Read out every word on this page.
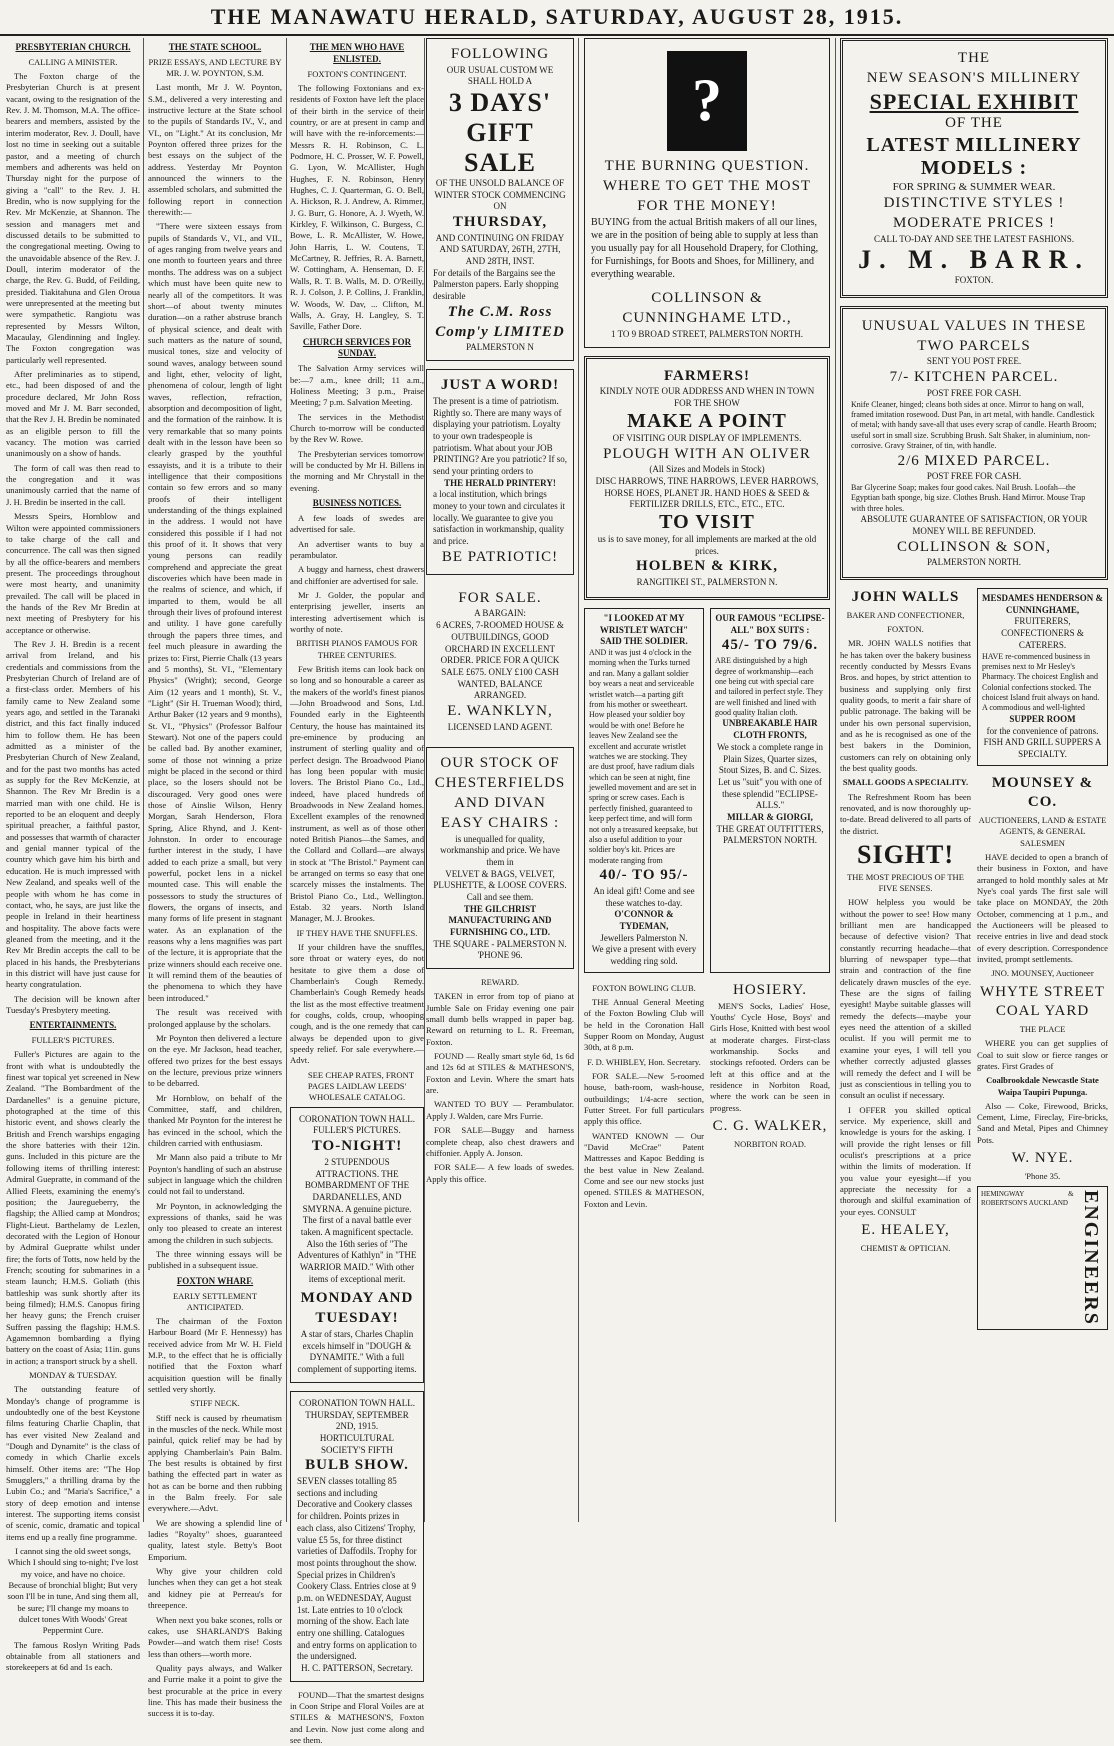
THE MANAWATU HERALD, SATURDAY, AUGUST 28, 1915.
PRESBYTERIAN CHURCH.
CALLING A MINISTER.

The Foxton charge of the Presbyterian Church is at present vacant, owing to the resignation of the Rev. J. M. Thomson, M.A. The office-bearers and members, assisted by the interim moderator, Rev. J. Doull, have lost no time in seeking out a suitable pastor, and a meeting of church members and adherents was held on Thursday night for the purpose of giving a "call" to the Rev. J. H. Bredin, who is now supplying for the Rev. Mr McKenzie, at Shannon. The session and managers met and discussed details to be submitted to the congregational meeting. Owing to the unavoidable absence of the Rev. J. Doull, interim moderator of the charge, the Rev. G. Budd, of Feilding, presided. Tiakitahuna and Glen Oroua were unrepresented at the meeting but were sympathetic. Rangiotu was represented by Messrs Wilton, Macaulay, Glendinning and Ingley. The Foxton congregation was particularly well represented.

After preliminaries as to stipend, etc., had been disposed of and the procedure declared, Mr John Ross moved and Mr J. M. Barr seconded, that the Rev J. H. Bredin be nominated as an eligible person to fill the vacancy. The motion was carried unanimously on a show of hands.

The form of call was then read to the congregation and it was unanimously carried that the name of J. H. Bredin be inserted in the call.

Messrs Speirs, Hornblow and Wilton were appointed commissioners to take charge of the call and concurrence. The call was then signed by all the office-bearers and members present. The proceedings throughout were most hearty, and unanimity prevailed. The call will be placed in the hands of the Rev Mr Bredin at next meeting of Presbytery for his acceptance or otherwise.

The Rev J. H. Bredin is a recent arrival from Ireland, and his credentials and commissions from the Presbyterian Church of Ireland are of a first-class order. Members of his family came to New Zealand some years ago, and settled in the Taranaki district, and this fact finally induced him to follow them. He has been admitted as a minister of the Presbyterian Church of New Zealand, and for the past two months has acted as supply for the Rev McKenzie, at Shannon. The Rev Mr Bredin is a married man with one child. He is reported to be an eloquent and deeply spiritual preacher, a faithful pastor, and possesses that warmth of character and genial manner typical of the country which gave him his birth and education. He is much impressed with New Zealand, and speaks well of the people with whom he has come in contact, who, he says, are just like the people in Ireland in their heartiness and hospitality. The above facts were gleaned from the meeting, and it the Rev Mr Bredin accepts the call to be placed in his hands, the Presbyterians in this district will have just cause for hearty congratulation.

The decision will be known after Tuesday's Presbytery meeting.

ENTERTAINMENTS.
FULLER'S PICTURES.

Fuller's Pictures are again to the front with what is undoubtedly the finest war topical yet screened in New Zealand. "The Bombardment of the Dardanelles" is a genuine picture, photographed at the time of this historic event, and shows clearly the British and French warships engaging the shore batteries with their 12in. guns. Included in this picture are the following items of thrilling interest: Admiral Guepratte, in command of the Allied Fleets, examining the enemy's position; the Jauregueberry, the flagship; the Allied camp at Mondros; Flight-Lieut. Barthelamy de Lezlen, decorated with the Legion of Honour by Admiral Guepratte whilst under fire; the forts of Totts, now held by the French; scouting for submarines in a steam launch; H.M.S. Goliath (this battleship was sunk shortly after its being filmed); H.M.S. Canopus firing her heavy guns; the French cruiser Suffren passing the flagship; H.M.S. Agamemnon bombarding a flying battery on the coast of Asia; 11in. guns in action; a transport struck by a shell.

MONDAY & TUESDAY.

The outstanding feature of Monday's change of programme is undoubtedly one of the best Keystone films featuring Charlie Chaplin, that has ever visited New Zealand and "Dough and Dynamite" is the class of comedy in which Charlie excels himself. Other items are: "The Hop Smugglers," a thrilling drama by the Lubin Co.; and "Maria's Sacrifice," a story of deep emotion and intense interest. The supporting items consist of scenic, comic, dramatic and topical items end up a really fine programme.

I cannot sing the old sweet songs, Which I should sing to-night; I've lost my voice, and have no choice. Because of bronchial blight; But very soon I'll be in tune, And sing them all, be sure; I'll change my moans to dulcet tones With Woods' Great Peppermint Cure.

The famous Roslyn Writing Pads obtainable from all stationers and storekeepers at 6d and 1s each.

THE STATE SCHOOL.
PRIZE ESSAYS, AND LECTURE BY MR. J. W. POYNTON, S.M.

Last month, Mr J. W. Poynton, S.M., delivered a very interesting and instructive lecture at the State school to the pupils of Standards IV., V., and VI., on "Light." At its conclusion, Mr Poynton offered three prizes for the best essays on the subject of the address. Yesterday Mr Poynton announced the winners to the assembled scholars, and submitted the following report in connection therewith:—

"There were sixteen essays from pupils of Standards V., VI., and VII., of ages ranging from twelve years and one month to fourteen years and three months. The address was on a subject which must have been quite new to nearly all of the competitors. It was short—of about twenty minutes duration—on a rather abstruse branch of physical science, and dealt with such matters as the nature of sound, musical tones, size and velocity of sound waves, analogy between sound and light, ether, velocity of light, phenomena of colour, length of light waves, reflection, refraction, absorption and decomposition of light, and the formation of the rainbow. It is very remarkable that so many points dealt with in the lesson have been so clearly grasped by the youthful essayists, and it is a tribute to their intelligence that their compositions contain so few errors and so many proofs of their intelligent understanding of the things explained in the address. I would not have considered this possible if I had not this proof of it. It shows that very young persons can readily comprehend and appreciate the great discoveries which have been made in the realms of science, and which, if imparted to them, would be all through their lives of profound interest and utility. I have gone carefully through the papers three times, and feel much pleasure in awarding the prizes to: First, Pierrie Chalk (13 years and 5 months), St. VI., "Elementary Physics" (Wright); second, George Aim (12 years and 1 month), St. V., "Light" (Sir H. Trueman Wood); third, Arthur Baker (12 years and 9 months), St. VI., "Physics" (Professor Balfour Stewart). Not one of the papers could be called bad. By another examiner, some of those not winning a prize might be placed in the second or third place, so the losers should not be discouraged. Very good ones were those of Ainslie Wilson, Henry Morgan, Sarah Henderson, Flora Spring, Alice Rhynd, and J. Kent-Johnston. In order to encourage further interest in the study, I have added to each prize a small, but very powerful, pocket lens in a nickel mounted case. This will enable the possessors to study the structures of flowers, the organs of insects, and many forms of life present in stagnant water. As an explanation of the reasons why a lens magnifies was part of the lecture, it is appropriate that the prize winners should each receive one. It will remind them of the beauties of the phenomena to which they have been introduced."

The result was received with prolonged applause by the scholars.

Mr Poynton then delivered a lecture on the eye. Mr Jackson, head teacher, offered two prizes for the best essays on the lecture, previous prize winners to be debarred.

Mr Hornblow, on behalf of the Committee, staff, and children, thanked Mr Poynton for the interest he has evinced in the school, which the children carried with enthusiasm.

Mr Mann also paid a tribute to Mr Poynton's handling of such an abstruse subject in language which the children could not fail to understand.

Mr Poynton, in acknowledging the expressions of thanks, said he was only too pleased to create an interest among the children in such subjects.

The three winning essays will be published in a subsequent issue.

FOXTON WHARF.
EARLY SETTLEMENT ANTICIPATED.

The chairman of the Foxton Harbour Board (Mr F. Hennessy) has received advice from Mr W. H. Field M.P., to the effect that he is officially notified that the Foxton wharf acquisition question will be finally settled very shortly.

STIFF NECK.

Stiff neck is caused by rheumatism in the muscles of the neck. While most painful, quick relief may be had by applying Chamberlain's Pain Balm. The best results is obtained by first bathing the effected part in water as hot as can be borne and then rubbing in the Balm freely. For sale everywhere.—Advt.

We are showing a splendid line of ladies "Royalty" shoes, guaranteed quality, latest style. Betty's Boot Emporium.

Why give your children cold lunches when they can get a hot steak and kidney pie at Perreau's for threepence.

When next you bake scones, rolls or cakes, use SHARLAND'S Baking Powder—and watch them rise! Costs less than others—worth more.

Quality pays always, and Walker and Furrie make it a point to give the best procurable at the price in every line. This has made their business the success it is to-day.

THE MEN WHO HAVE ENLISTED.
FOXTON'S CONTINGENT.

The following Foxtonians and ex-residents of Foxton have left the place of their birth in the service of their country, or are at present in camp and will have with the re-inforcements:—Messrs R. H. Robinson, C. L. Podmore, H. C. Prosser, W. F. Powell, G. Lyon, W. McAllister, Hugh Hughes, F. N. Robinson, Henry Hughes, C. J. Quarterman, G. O. Bell, A. Hickson, R. J. Andrew, A. Rimmer, J. G. Burr, G. Honore, A. J. Wyeth, W. Kirkley, F. Wilkinson, C. Burgess, C. Bowe, L. R. McAllister, W. Howe, John Harris, L. W. Coutens, T. McCartney, R. Jeffries, R. A. Barnett, W. Cottingham, A. Henseman, D. F. Walls, R. T. B. Walls, M. D. O'Reilly, R. J. Colson, J. P. Collins, J. Franklin, W. Woods, W. Dav, ... Clifton, M. Walls, A. Gray, H. Langley, S. T. Saville, Father Dore.

CHURCH SERVICES FOR SUNDAY.

The Salvation Army services will be:—7 a.m., knee drill; 11 a.m., Holiness Meeting; 3 p.m., Praise Meeting; 7 p.m. Salvation Meeting.

The services in the Methodist Church to-morrow will be conducted by the Rev W. Rowe.

The Presbyterian services tomorrow will be conducted by Mr H. Billens in the morning and Mr Chrystall in the evening.

BUSINESS NOTICES.

A few loads of swedes are advertised for sale.

An advertiser wants to buy a perambulator.

A buggy and harness, chest drawers and chiffonier are advertised for sale.

Mr J. Golder, the popular and enterprising jeweller, inserts an interesting advertisement which is worthy of note.

BRITISH PIANOS FAMOUS FOR THREE CENTURIES.

Few British items can look back on so long and so honourable a career as the makers of the world's finest pianos—John Broadwood and Sons, Ltd. Founded early in the Eighteenth Century, the house has maintained its pre-eminence by producing an instrument of sterling quality and of perfect design. The Broadwood Piano has long been popular with music lovers. The Bristol Piano Co., Ltd., indeed, have placed hundreds of Broadwoods in New Zealand homes. Excellent examples of the renowned instrument, as well as of those other noted British Pianos—the Sames, and the Collard and Collard—are always in stock at "The Bristol." Payment can be arranged on terms so easy that one scarcely misses the instalments. The Bristol Piano Co., Ltd., Wellington. Estab. 32 years. North Island Manager, M. J. Brookes.

IF THEY HAVE THE SNUFFLES.

If your children have the snuffles, sore throat or watery eyes, do not hesitate to give them a dose of Chamberlain's Cough Remedy. Chamberlain's Cough Remedy heads the list as the most effective treatment for coughs, colds, croup, whooping cough, and is the one remedy that can always be depended upon to give speedy relief. For sale everywhere.—Advt.

SEE CHEAP RATES, FRONT PAGES LAIDLAW LEEDS' WHOLESALE CATALOG.

CORONATION TOWN HALL.
FULLER'S PICTURES.
TO-NIGHT!
2 STUPENDOUS ATTRACTIONS. THE BOMBARDMENT OF THE DARDANELLES, AND SMYRNA. A genuine picture. The first of a naval battle ever taken. A magnificent spectacle. Also the 16th series of "The Adventures of Kathlyn" in "THE WARRIOR MAID." With other items of exceptional merit.
MONDAY AND TUESDAY!
A star of stars, Charles Chaplin excels himself in "DOUGH & DYNAMITE." With a full complement of supporting items.
CORONATION TOWN HALL.
THURSDAY, SEPTEMBER 2ND, 1915.
HORTICULTURAL SOCIETY'S FIFTH
BULB SHOW.
SEVEN classes totalling 85 sections and including Decorative and Cookery classes for children. Points prizes in each class, also Citizens' Trophy, value £5 5s, for three distinct varieties of Daffodils. Trophy for most points throughout the show. Special prizes in Children's Cookery Class. Entries close at 9 p.m. on WEDNESDAY, August 1st. Late entries to 10 o'clock morning of the show. Each late entry one shilling. Catalogues and entry forms on application to the undersigned.
H. C. PATTERSON, Secretary.

FOUND—That the smartest designs in Coon Stripe and Floral Voiles are at STILES & MATHESON'S, Foxton and Levin. Now just come along and see them.

FOLLOWING
OUR USUAL CUSTOM WE SHALL HOLD A
3 DAYS' GIFT SALE
OF THE UNSOLD BALANCE OF WINTER STOCK COMMENCING ON
THURSDAY,
AND CONTINUING ON FRIDAY AND SATURDAY, 26TH, 27TH, AND 28TH, INST.
For details of the Bargains see the Palmerston papers. Early shopping desirable
The C.M. Ross Comp'y LIMITED
PALMERSTON N
JUST A WORD!
The present is a time of patriotism. Rightly so. There are many ways of displaying your patriotism. Loyalty to your own tradespeople is patriotism. What about your JOB PRINTING? Are you patriotic? If so, send your printing orders to
THE HERALD PRINTERY!
a local institution, which brings money to your town and circulates it locally. We guarantee to give you satisfaction in workmanship, quality and price.
BE PATRIOTIC!
FOR SALE.
A BARGAIN:
6 ACRES, 7-ROOMED HOUSE & OUTBUILDINGS, GOOD ORCHARD IN EXCELLENT ORDER. PRICE FOR A QUICK SALE £675. ONLY £100 CASH WANTED, BALANCE ARRANGED.
E. WANKLYN,
LICENSED LAND AGENT.
OUR STOCK OF CHESTERFIELDS AND DIVAN EASY CHAIRS :
is unequalled for quality, workmanship and price. We have them in
VELVET & BAGS, VELVET, PLUSHETTE, & LOOSE COVERS.
Call and see them.
THE GILCHRIST MANUFACTURING AND FURNISHING CO., LTD.
THE SQUARE - PALMERSTON N. 'PHONE 96.
REWARD.

TAKEN in error from top of piano at Jumble Sale on Friday evening one pair small dumb bells wrapped in paper bag. Reward on returning to L. R. Freeman, Foxton.

FOUND — Really smart style 6d, 1s 6d and 12s 6d at STILES & MATHESON'S, Foxton and Levin. Where the smart hats are.

WANTED TO BUY — Perambulator. Apply J. Walden, care Mrs Furrie.

FOR SALE—Buggy and harness complete cheap, also chest drawers and chiffonier. Apply A. Jonson.

FOR SALE— A few loads of swedes. Apply this office.

?
THE BURNING QUESTION. WHERE TO GET THE MOST FOR THE MONEY!
BUYING from the actual British makers of all our lines, we are in the position of being able to supply at less than you usually pay for all Household Drapery, for Clothing, for Furnishings, for Boots and Shoes, for Millinery, and everything wearable.
COLLINSON & CUNNINGHAME LTD.,
1 TO 9 BROAD STREET, PALMERSTON NORTH.
FARMERS!
KINDLY NOTE OUR ADDRESS AND WHEN IN TOWN FOR THE SHOW
MAKE A POINT
OF VISITING OUR DISPLAY OF IMPLEMENTS.
PLOUGH WITH AN OLIVER
(All Sizes and Models in Stock)
DISC HARROWS, TINE HARROWS, LEVER HARROWS, HORSE HOES, PLANET JR. HAND HOES & SEED & FERTILIZER DRILLS, ETC., ETC., ETC.
TO VISIT
us is to save money, for all implements are marked at the old prices.
HOLBEN & KIRK,
RANGITIKEI ST., PALMERSTON N.
"I LOOKED AT MY WRISTLET WATCH" SAID THE SOLDIER.
AND it was just 4 o'clock in the morning when the Turks turned and ran. Many a gallant soldier boy wears a neat and serviceable wristlet watch—a parting gift from his mother or sweetheart. How pleased your soldier boy would be with one! Before he leaves New Zealand see the excellent and accurate wristlet watches we are stocking. They are dust proof, have radium dials which can be seen at night, fine jewelled movement and are set in spring or screw cases. Each is perfectly finished, guaranteed to keep perfect time, and will form not only a treasured keepsake, but also a useful addition to your soldier boy's kit. Prices are moderate ranging from
40/- TO 95/-
An ideal gift! Come and see these watches to-day.
O'CONNOR & TYDEMAN,
Jewellers Palmerston N.
We give a present with every wedding ring sold.
OUR FAMOUS "ECLIPSE-ALL" BOX SUITS :
45/- TO 79/6.
ARE distinguished by a high degree of workmanship—each one being cut with special care and tailored in perfect style. They are well finished and lined with good quality Italian cloth.
UNBREAKABLE HAIR CLOTH FRONTS,
We stock a complete range in Plain Sizes, Quarter sizes, Stout Sizes, B. and C. Sizes.
Let us "suit" you with one of these splendid "ECLIPSE-ALLS."
MILLAR & GIORGI,
THE GREAT OUTFITTERS, PALMERSTON NORTH.
FOXTON BOWLING CLUB.

THE Annual General Meeting of the Foxton Bowling Club will be held in the Coronation Hall Supper Room on Monday, August 30th, at 8 p.m.

F. D. WHIBLEY, Hon. Secretary.

FOR SALE.—New 5-roomed house, bath-room, wash-house, outbuildings; 1/4-acre section, Futter Street. For full particulars apply this office.

WANTED KNOWN — Our "David McCrae" Patent Mattresses and Kapoc Bedding is the best value in New Zealand. Come and see our new stocks just opened. STILES & MATHESON, Foxton and Levin.

HOSIERY.

MEN'S Socks, Ladies' Hose, Youths' Cycle Hose, Boys' and Girls Hose, Knitted with best wool at moderate charges. First-class workmanship. Socks and stockings refooted. Orders can be left at this office and at the residence in Norbiton Road, where the work can be seen in progress.

C. G. WALKER,
NORBITON ROAD.
THE
NEW SEASON'S MILLINERY
SPECIAL EXHIBIT
OF THE
LATEST MILLINERY
MODELS :
FOR SPRING & SUMMER WEAR.
DISTINCTIVE STYLES !
MODERATE PRICES !
CALL TO-DAY AND SEE THE LATEST FASHIONS.
J. M. BARR.
FOXTON.
UNUSUAL VALUES IN THESE TWO PARCELS
SENT YOU POST FREE.
7/- KITCHEN PARCEL.
POST FREE FOR CASH.
Knife Cleaner, hinged; cleans both sides at once. Mirror to hang on wall, framed imitation rosewood. Dust Pan, in art metal, with handle. Candlestick of metal; with handy save-all that uses every scrap of candle. Hearth Broom; useful sort in small size. Scrubbing Brush. Salt Shaker, in aluminium, non-corrosive. Gravy Strainer, of tin, with handle.
2/6 MIXED PARCEL.
POST FREE FOR CASH.
Bar Glycerine Soap; makes four good cakes. Nail Brush. Loofah—the Egyptian bath sponge, big size. Clothes Brush. Hand Mirror. Mouse Trap with three holes.
ABSOLUTE GUARANTEE OF SATISFACTION, OR YOUR MONEY WILL BE REFUNDED.
COLLINSON & SON,
PALMERSTON NORTH.
JOHN WALLS
BAKER AND CONFECTIONER,
FOXTON.

MR. JOHN WALLS notifies that he has taken over the bakery business recently conducted by Messrs Evans Bros. and hopes, by strict attention to business and supplying only first quality goods, to merit a fair share of public patronage. The baking will be under his own personal supervision, and as he is recognised as one of the best bakers in the Dominion, customers can rely on obtaining only the best quality goods.

SMALL GOODS A SPECIALITY.

The Refreshment Room has been renovated, and is now thoroughly up-to-date. Bread delivered to all parts of the district.

SIGHT!
THE MOST PRECIOUS OF THE FIVE SENSES.

HOW helpless you would be without the power to see! How many brilliant men are handicapped because of defective vision? That constantly recurring headache—that blurring of newspaper type—that strain and contraction of the fine delicately drawn muscles of the eye. These are the signs of failing eyesight! Maybe suitable glasses will remedy the defects—maybe your eyes need the attention of a skilled oculist. If you will permit me to examine your eyes, I will tell you whether correctly adjusted glasses will remedy the defect and I will be just as conscientious in telling you to consult an oculist if necessary.

I OFFER you skilled optical service. My experience, skill and knowledge is yours for the asking. I will provide the right lenses or fill oculist's prescriptions at a price within the limits of moderation. If you value your eyesight—if you appreciate the necessity for a thorough and skilful examination of your eyes. CONSULT

E. HEALEY,
CHEMIST & OPTICIAN.
MESDAMES HENDERSON & CUNNINGHAME,
FRUITERERS, CONFECTIONERS & CATERERS.
HAVE re-commenced business in premises next to Mr Hesley's Pharmacy. The choicest English and Colonial confections stocked. The choicest Island fruit always on hand. A commodious and well-lighted
SUPPER ROOM
for the convenience of patrons. FISH AND GRILL SUPPERS A SPECIALTY.
MOUNSEY & CO.
AUCTIONEERS, LAND & ESTATE AGENTS, & GENERAL SALESMEN

HAVE decided to open a branch of their business in Foxton, and have arranged to hold monthly sales at Mr Nye's coal yards The first sale will take place on MONDAY, the 20th October, commencing at 1 p.m., and the Auctioneers will be pleased to receive entries in live and dead stock of every description. Correspondence invited, prompt settlements.

JNO. MOUNSEY, Auctioneer
WHYTE STREET COAL YARD
THE PLACE

WHERE you can get supplies of Coal to suit slow or fierce ranges or grates. First Grades of

Coalbrookdale Newcastle State Waipa Taupiri Pupunga.

Also — Coke, Firewood, Bricks, Cement, Lime, Fireclay, Fire-bricks, Sand and Metal, Pipes and Chimney Pots.

W. NYE.
'Phone 35.
HEMINGWAY & ROBERTSON'S AUCKLAND ENGINEERS
